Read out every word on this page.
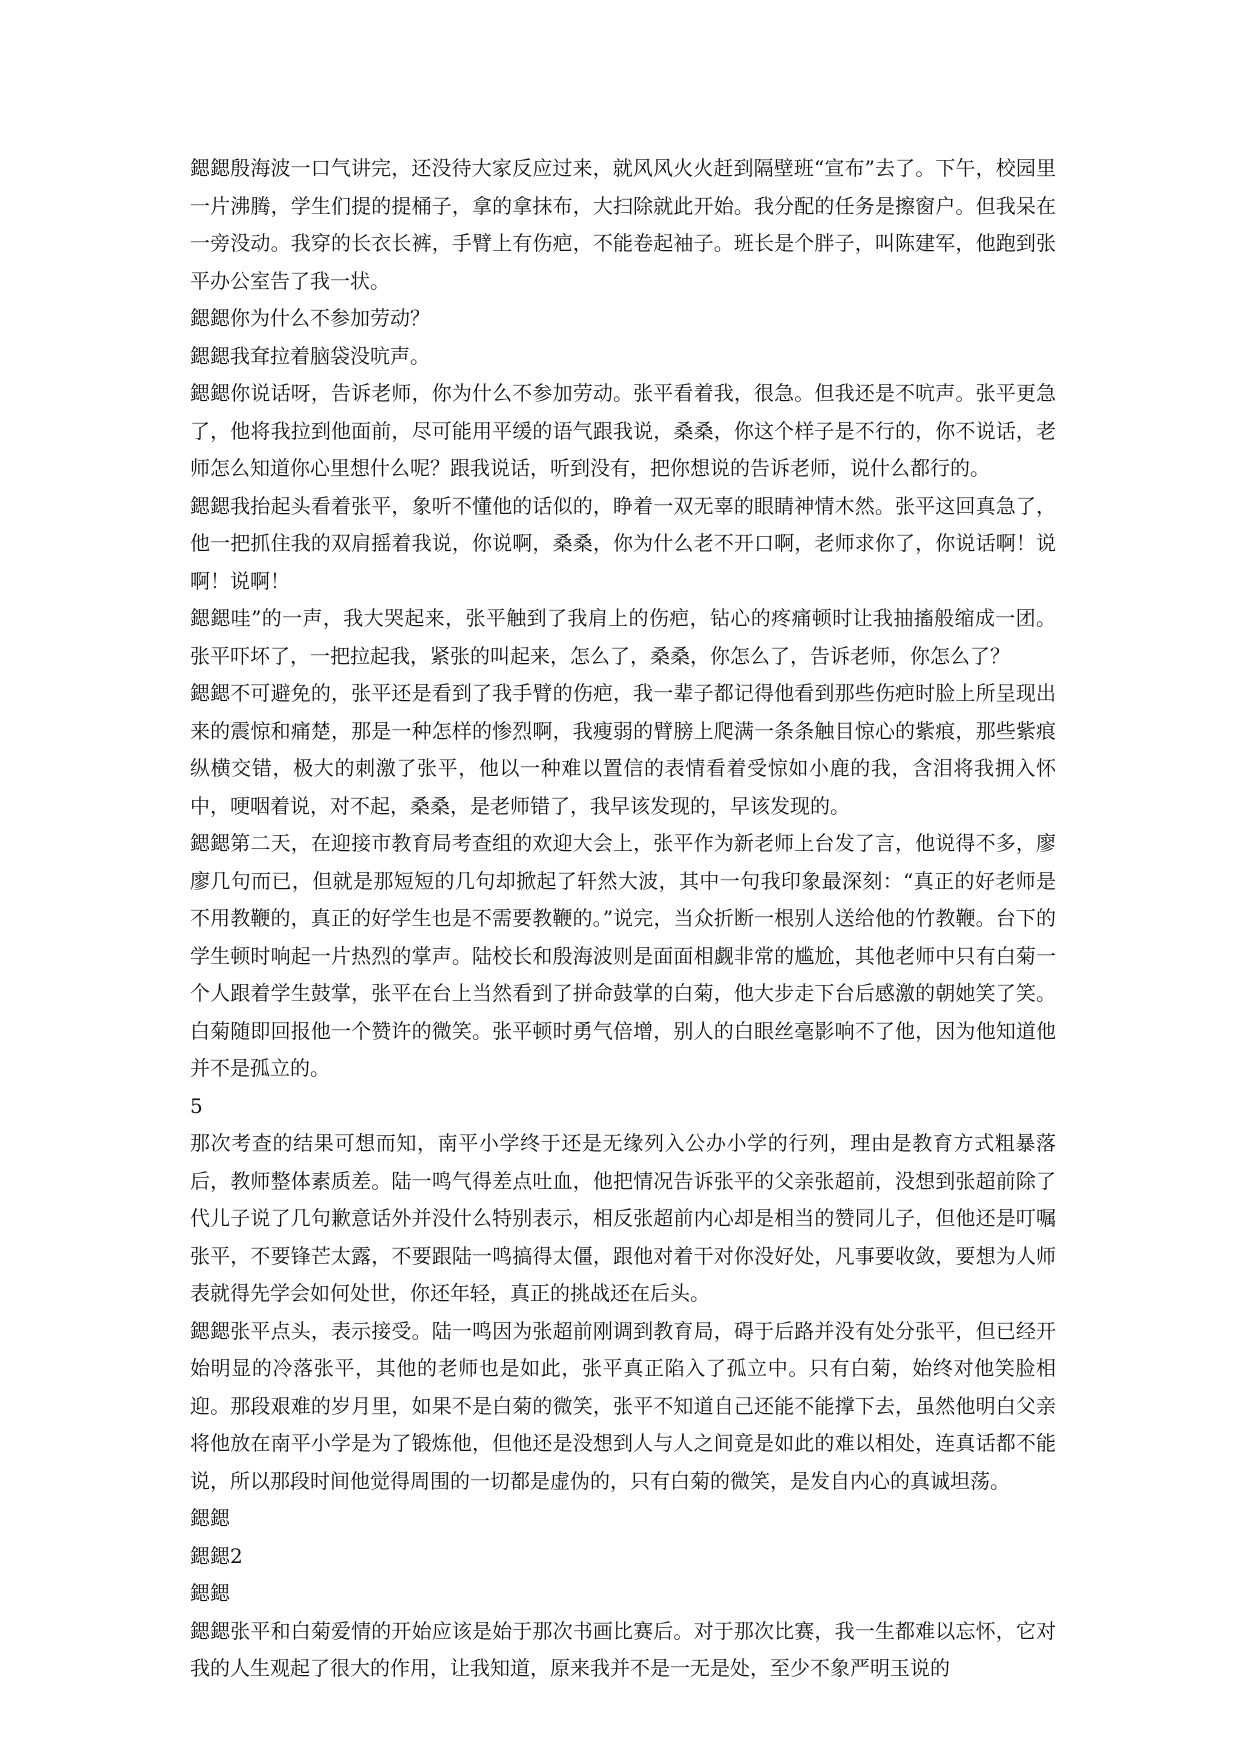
鍶鍶殷海波一口气讲完，还没待大家反应过来，就风风火火赶到隔壁班“宣布”去了。下午，校园里一片沸腾，学生们提的提桶子，拿的拿抹布，大扫除就此开始。我分配的任务是擦窗户。但我呆在一旁没动。我穿的长衣长裤，手臂上有伤疤，不能卷起袖子。班长是个胖子，叫陈建军，他跑到张平办公室告了我一状。

鍶鍶你为什么不参加劳动？

鍶鍶我耷拉着脑袋没吭声。

鍶鍶你说话呀，告诉老师，你为什么不参加劳动。张平看着我，很急。但我还是不吭声。张平更急了，他将我拉到他面前，尽可能用平缓的语气跟我说，桑桑，你这个样子是不行的，你不说话，老师怎么知道你心里想什么呢？跟我说话，听到没有，把你想说的告诉老师，说什么都行的。

鍶鍶我抬起头看着张平，象听不懂他的话似的，睁着一双无辜的眼睛神情木然。张平这回真急了，他一把抓住我的双肩摇着我说，你说啊，桑桑，你为什么老不开口啊，老师求你了，你说话啊！说啊！说啊！

鍶鍶哇”的一声，我大哭起来，张平触到了我肩上的伤疤，钻心的疼痛顿时让我抽搐般缩成一团。张平吓坏了，一把拉起我，紧张的叫起来，怎么了，桑桑，你怎么了，告诉老师，你怎么了？

鍶鍶不可避免的，张平还是看到了我手臂的伤疤，我一辈子都记得他看到那些伤疤时脸上所呈现出来的震惊和痛楚，那是一种怎样的惨烈啊，我瘦弱的臂膀上爬满一条条触目惊心的紫痕，那些紫痕纵横交错，极大的刺激了张平，他以一种难以置信的表情看着受惊如小鹿的我，含泪将我拥入怀中，哽咽着说，对不起，桑桑，是老师错了，我早该发现的，早该发现的。

鍶鍶第二天，在迎接市教育局考查组的欢迎大会上，张平作为新老师上台发了言，他说得不多，廖廖几句而已，但就是那短短的几句却掀起了轩然大波，其中一句我印象最深刻：“真正的好老师是不用教鞭的，真正的好学生也是不需要教鞭的。”说完，当众折断一根别人送给他的竹教鞭。台下的学生顿时响起一片热烈的掌声。陆校长和殷海波则是面面相觑非常的尴尬，其他老师中只有白菊一个人跟着学生鼓掌，张平在台上当然看到了拼命鼓掌的白菊，他大步走下台后感激的朝她笑了笑。白菊随即回报他一个赞许的微笑。张平顿时勇气倍增，别人的白眼丝毫影响不了他，因为他知道他并不是孤立的。

5

那次考查的结果可想而知，南平小学终于还是无缘列入公办小学的行列，理由是教育方式粗暴落后，教师整体素质差。陆一鸣气得差点吐血，他把情况告诉张平的父亲张超前，没想到张超前除了代儿子说了几句歉意话外并没什么特别表示，相反张超前内心却是相当的赞同儿子，但他还是叮嘱张平，不要锋芒太露，不要跟陆一鸣搞得太僵，跟他对着干对你没好处，凡事要收敛，要想为人师表就得先学会如何处世，你还年轻，真正的挑战还在后头。

鍶鍶张平点头，表示接受。陆一鸣因为张超前刚调到教育局，碍于后路并没有处分张平，但已经开始明显的冷落张平，其他的老师也是如此，张平真正陷入了孤立中。只有白菊，始终对他笑脸相迎。那段艰难的岁月里，如果不是白菊的微笑，张平不知道自己还能不能撑下去，虽然他明白父亲将他放在南平小学是为了锻炼他，但他还是没想到人与人之间竟是如此的难以相处，连真话都不能说，所以那段时间他觉得周围的一切都是虚伪的，只有白菊的微笑，是发自内心的真诚坦荡。

鍶鍶

鍶鍶2

鍶鍶

鍶鍶张平和白菊爱情的开始应该是始于那次书画比赛后。对于那次比赛，我一生都难以忘怀，它对我的人生观起了很大的作用，让我知道，原来我并不是一无是处，至少不象严明玉说的
